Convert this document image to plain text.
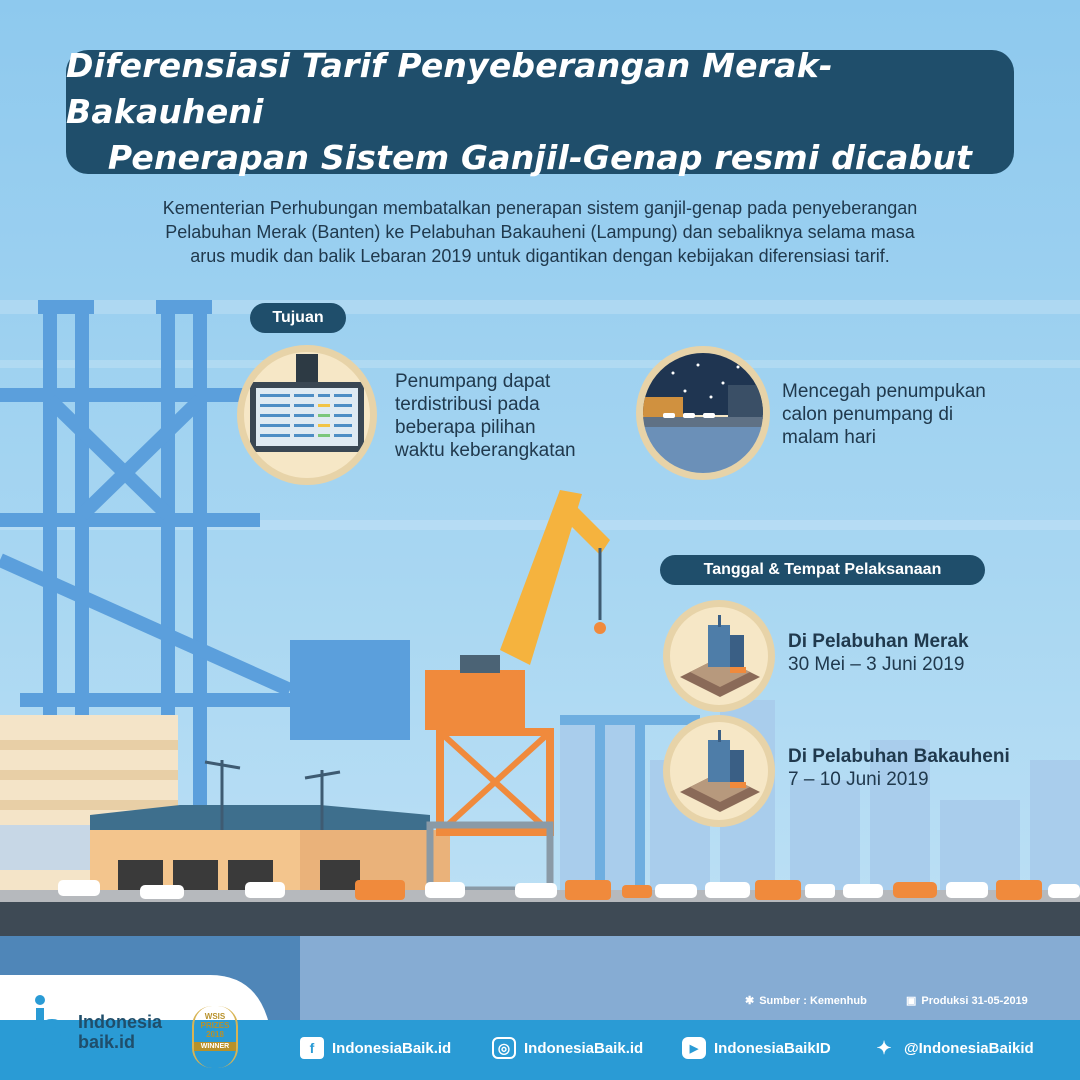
Diferensiasi Tarif Penyeberangan Merak-Bakauheni
Penerapan Sistem Ganjil-Genap resmi dicabut
Kementerian Perhubungan membatalkan penerapan sistem ganjil-genap pada penyeberangan
Pelabuhan Merak (Banten) ke Pelabuhan Bakauheni (Lampung) dan sebaliknya selama masa
arus mudik dan balik Lebaran 2019 untuk digantikan dengan kebijakan diferensiasi tarif.
Tujuan
Penumpang dapat
terdistribusi pada
beberapa pilihan
waktu keberangkatan
Mencegah penumpukan
calon penumpang di
malam hari
Tanggal & Tempat Pelaksanaan
Di Pelabuhan Merak
30 Mei – 3 Juni 2019
Di Pelabuhan Bakauheni
7 – 10 Juni 2019
✱ Sumber : Kemenhub	▣ Produksi 31-05-2019
Indonesia
baik.id
WSIS
PRIZES
2018
WINNER	f	IndonesiaBaik.id	◎ IndonesiaBaik.id	▶	IndonesiaBaikID	✦ @IndonesiaBaikid
